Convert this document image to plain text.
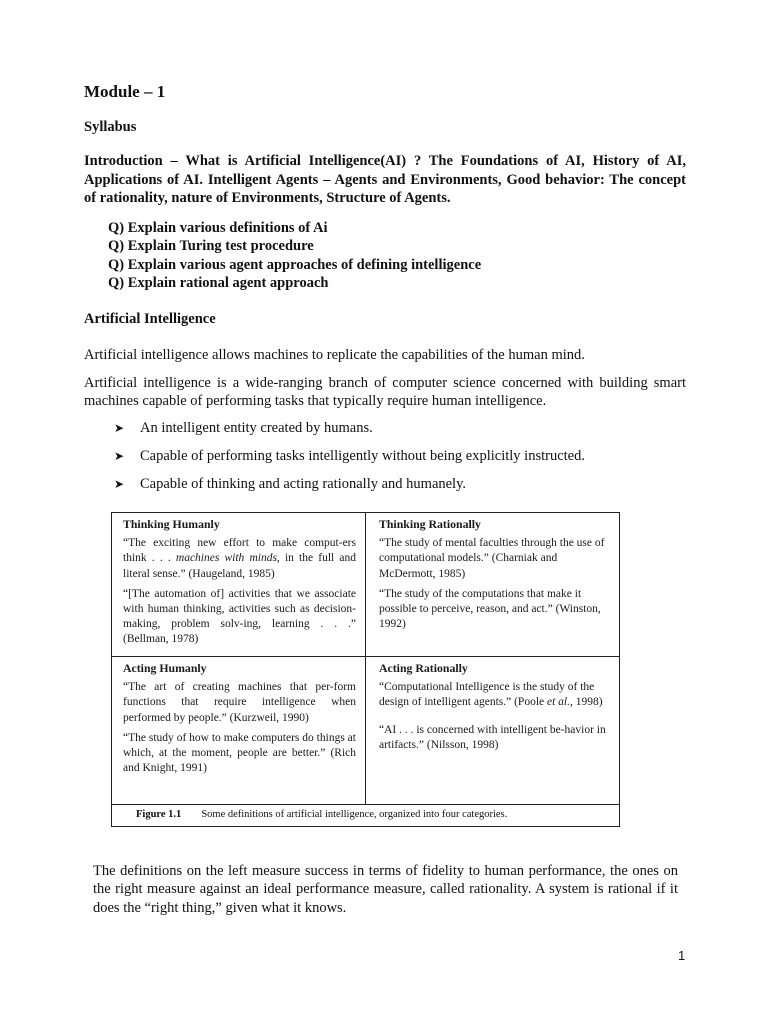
Module – 1
Syllabus
Introduction – What is Artificial Intelligence(AI) ? The Foundations of AI, History of AI, Applications of AI. Intelligent Agents – Agents and Environments, Good behavior: The concept of rationality, nature of Environments, Structure of Agents.
Q) Explain various definitions of Ai
Q) Explain Turing test procedure
Q) Explain various agent approaches of defining intelligence
Q) Explain rational agent approach
Artificial Intelligence
Artificial intelligence allows machines to replicate the capabilities of the human mind.
Artificial intelligence is a wide-ranging branch of computer science concerned with building smart machines capable of performing tasks that typically require human intelligence.
➤	An intelligent entity created by humans.
➤	Capable of performing tasks intelligently without being explicitly instructed.
➤	Capable of thinking and acting rationally and humanely.
Thinking Humanly

“The exciting new effort to make comput-ers think . . . machines with minds, in the full and literal sense.” (Haugeland, 1985)

“[The automation of] activities that we associate with human thinking, activities such as decision-making, problem solv-ing, learning . . .” (Bellman, 1978)

Thinking Rationally

“The study of mental faculties through the use of computational models.” (Charniak and McDermott, 1985)

“The study of the computations that make it possible to perceive, reason, and act.” (Winston, 1992)

Acting Humanly

“The art of creating machines that per-form functions that require intelligence when performed by people.” (Kurzweil, 1990)

“The study of how to make computers do things at which, at the moment, people are better.” (Rich and Knight, 1991)

Acting Rationally

“Computational Intelligence is the study of the design of intelligent agents.” (Poole et al., 1998)

“AI . . . is concerned with intelligent be-havior in artifacts.” (Nilsson, 1998)

Figure 1.1 Some definitions of artificial intelligence, organized into four categories.
The definitions on the left measure success in terms of fidelity to human performance, the ones on the right measure against an ideal performance measure, called rationality. A system is rational if it does the “right thing,” given what it knows.
1
